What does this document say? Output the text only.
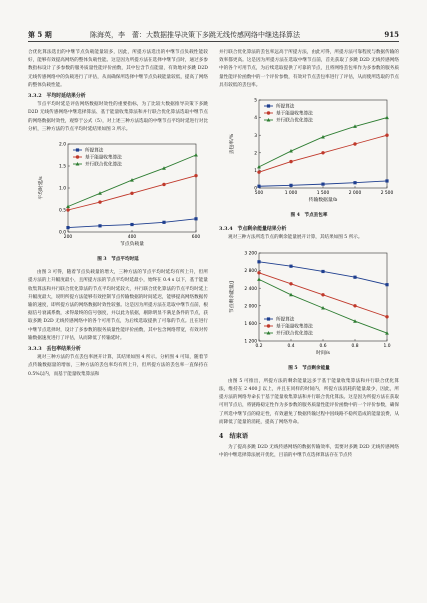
第 5 期	陈海英，李　蕾：大数据推导决策下多跳无线传感网络中继选择算法	915

合优化算法选出的中继节点负载能量较多，因此，所提方法选出的中继节点负载性能较好，能够有效提高网络的整体负载性能。这是因为所提方法在选择中继节点时，通过多参数指标设计了多参数的服务质量性能评价函数，其中包含节点能量，有效地对多跳 D2D 无线传感网络中的负载进行了评估，从而确保所选择中继节点负载能量较低，提高了网络的整体负载性能。

3.3.2　平均时延结果分析

节点平均时延是评估网络数据时效性的重要指标，为了比较大数据推导决策下多跳 D2D 无线传感网络中继选择算法、基于能量收集算法和并行联合优化算法选取中继节点的网络数据时效性，观察于公式（5），对上述三种方法选取的中继节点平均时延进行对比分析，三种方法的节点平均时延结果如图 3 所示。

0.0
0.5
1.0
1.5
2.0
200	400	600
节点负载量
平均时延/s
所提算法
基于能量收集算法
并行联合优化算法
图 3　节点平均时延

由图 3 可得，随着节点负载量的增大，三种方法的节点平均时延均有所上升，但所提方法的上升幅度最小，且所提方法的节点平均时延最小，始终在 0.4 s 以下，基于能量收集算法和并行联合优化算法的节点平均时延较大，并行联合优化算法的节点平均时延上升幅度最大，说明所提方法能够有效控制节点传输数据的时间延迟，能够提高网络数据传输的速度，即所提方法的网络数据时效性较强。这是因为所提方法在选取中继节点前，根据信号衰减系数，求得最终的信号强度，并以此为依据，剔除明显不满足条件的节点，获取多跳 D2D 无线传感网络中的各个可用节点，为后续选取提供了可靠的节点。且在进行中继节点选择时，设计了多参数的服务质量性能评价函数，其中包含网络带宽，有效对传输数据速度进行了评估，从而降低了传输延时。

3.3.3　丢包率结果分析

观对三种方法的节点丢包率展开计算，其结果如图 4 所示。分析图 4 可知，随着节点传输数据量的增加，三种方法的丢包率均有所上升，但所提方法的丢包率一直保持在 0.5%以内，而基于能量收集算法和

并行联合优化算法的丢包率远高于所提方法，由此可得，所提方法可靠程度与数据传输的效率都更高。这是因为所提方法在选取中继节点前，首先获取了多跳 D2D 无线传感网络中的各个可用节点，为后续选取提供了可靠的节点，且将网络丢包率作为多参数的服务质量性能评价函数中的一个评价参数，有效对节点丢包率进行了评估，从而使所选取的节点具有较低的丢包率。

0
1
2
3
4
5
500	1 000	1 500	2 000	2 500
传输数据量/b
丢包率/%
所提算法
基于能量收集算法
并行联合优化算法
图 4　节点丢包率

3.3.4　节点剩余能量结果分析

观对三种方法所选节点的剩余能量展开计算，其结果如图 5 所示。

1 200
1 600
2 000
2 400
2 800
3 200
0.2	0.4	0.6	0.8	1.0
时间/s
节点剩余能量/J
所提算法
基于能量收集算法
并行联合优化算法
图 5　节点剩余能量

由图 5 可推出，所提方法的剩余能量远多于基于能量收集算法和并行联合优化算法，维持在 2 400 J 以上，并且在同样的时间内，所提方法消耗的能量最少，因此，所提方法的网络寿命长于基于能量收集算法和并行联合优化算法。这是因为所提方法在获取可用节点后，将链路稳定性作为多参数的服务质量性能评价函数中的一个评价参数，确保了所选中继节点的稳定性，有效避免了数据传输过程中因线路不稳所造成的能量浪费，从而降低了能量的消耗，提高了网络寿命。

4　结束语

为了提高多跳 D2D 无线传感网络的数据传输效率，需要对多跳 D2D 无线传感网络中的中继选择算法展开优化，目前的中继节点选择算法存在节点传
